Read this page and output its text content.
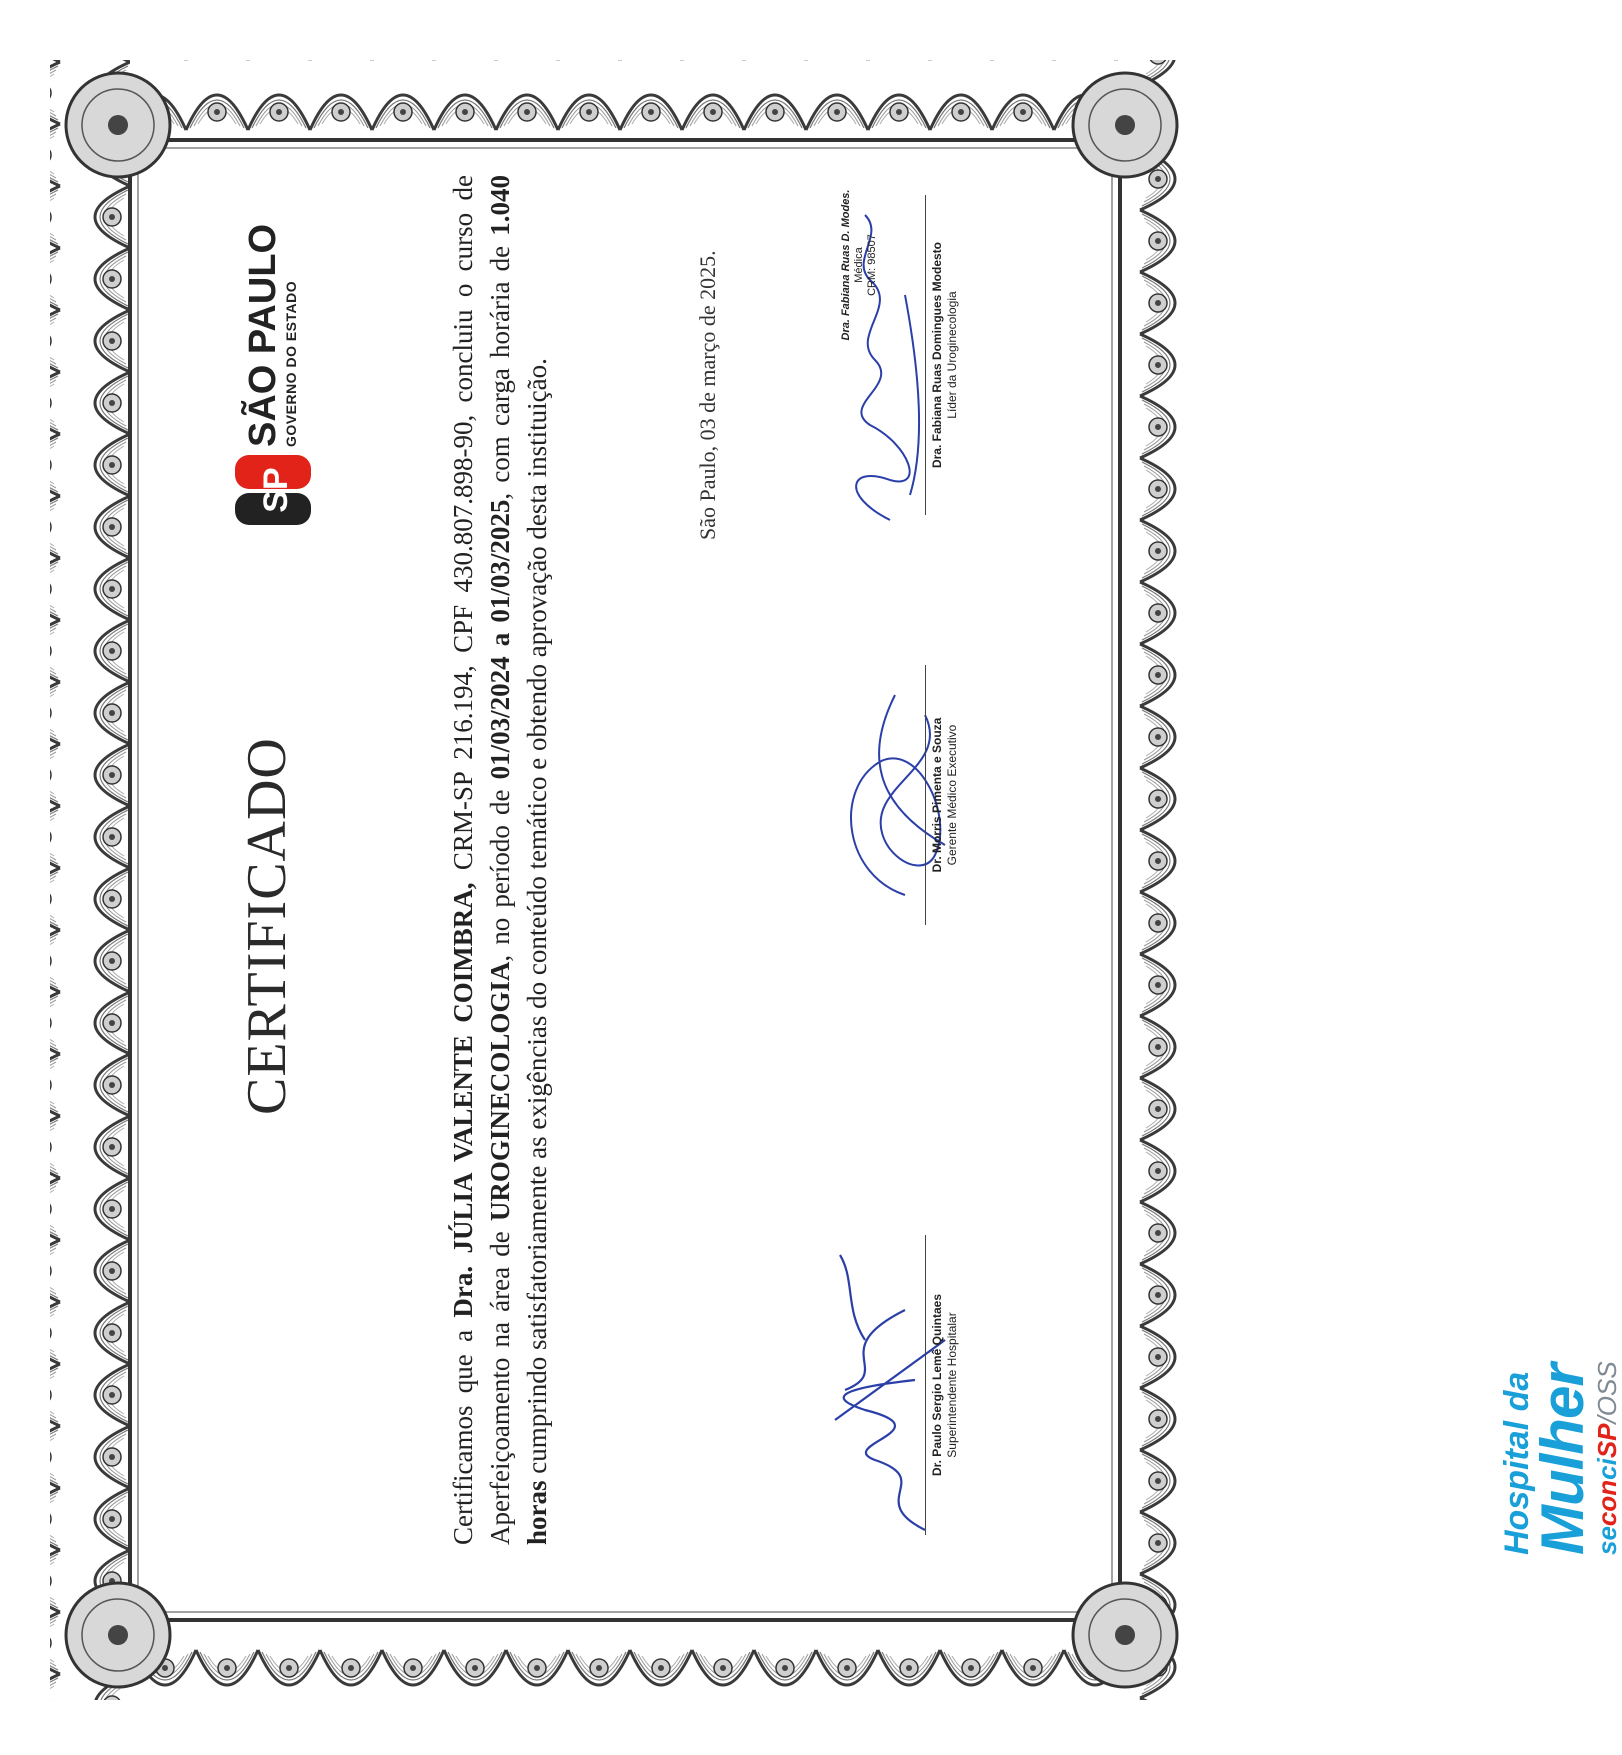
Hospital da
Mulher
seconciSP/OSS
CERTIFICADO
SP
SÃO PAULO GOVERNO DO ESTADO
Certificamos que a Dra. JÚLIA VALENTE COIMBRA, CRM-SP 216.194, CPF 430.807.898-90, concluiu o curso de Aperfeiçoamento na área de UROGINECOLOGIA, no período de 01/03/2024 a 01/03/2025, com carga horária de 1.040 horas cumprindo satisfatoriamente as exigências do conteúdo temático e obtendo aprovação desta instituição.	São Paulo, 03 de março de 2025.
Dr. Paulo Sergio Lemê Quintaes Superintendente Hospitalar
Dr. Morris Pimenta e Souza Gerente Médico Executivo
Dra. Fabiana Ruas D. Modes. Médica CRM: 98507	Dra. Fabiana Ruas Domingues Modesto Líder da Uroginecologia
